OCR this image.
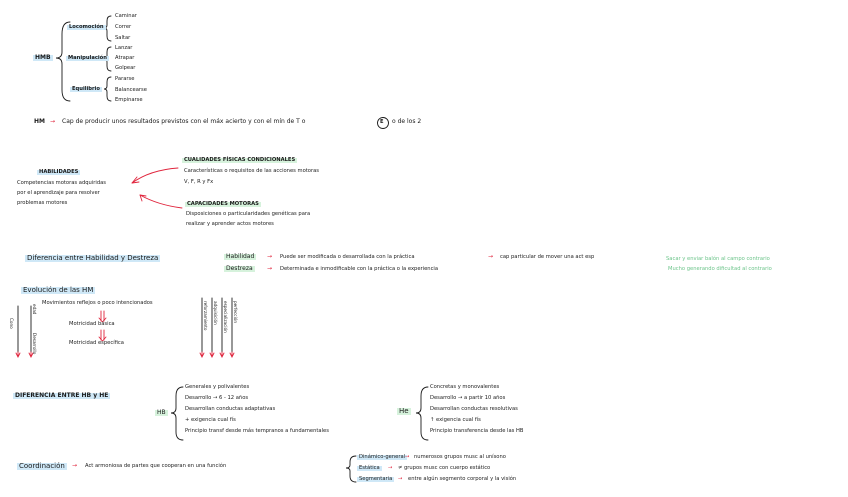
HMB
Locomoción
Caminar
Correr
Saltar
Manipulación
Lanzar
Atrapar
Golpear
Equilibrio
Pararse
Balancearse
Empinarse
HM → Cap de producir unos resultados previstos con el máx acierto y con el mín de T o	E o de los 2
HABILIDADES
Competencias motoras adquiridas
por el aprendizaje para resolver
problemas motores
CUALIDADES FÍSICAS CONDICIONALES
Características o requisitos de las acciones motoras
V, F, R y Fx
CAPACIDADES MOTORAS
Disposiciones o particularidades genéticas para
realizar y aprender actos motores
Diferencia entre Habilidad y Destreza	Habilidad	→ Puede ser modificada o desarrollada con la práctica	→ cap particular de mover una act esp
Destreza	→ Determinada e inmodificable con la práctica o la experiencia
Sacar y enviar balón al campo contrario
Mucho generando dificultad al contrario
Evolución de las HM
Movimientos reflejos o poco intencionados
Motricidad básica
Motricidad específica
Cono
edad
Desarrollo
reforzamiento adquisición especialización perfección
DIFERENCIA ENTRE HB y HE
HB
Generales y polivalentes
Desarrollo → 6 - 12 años
Desarrollan conductas adaptativas
+ exigencia cual fís
Principio transf desde más tempranos a fundamentales
He
Concretas y monovalentes
Desarrollo → a partir 10 años
Desarrollan conductas resolutivas
↑ exigencia cual fís
Principio transferencia desde las HB
Coordinación	→ Act armoniosa de partes que cooperan en una función
Dinámico-general → numerosos grupos musc al unísono
Estática	→ ≠ grupos musc con cuerpo estático
Segmentaria	→ entre algún segmento corporal y la visión
